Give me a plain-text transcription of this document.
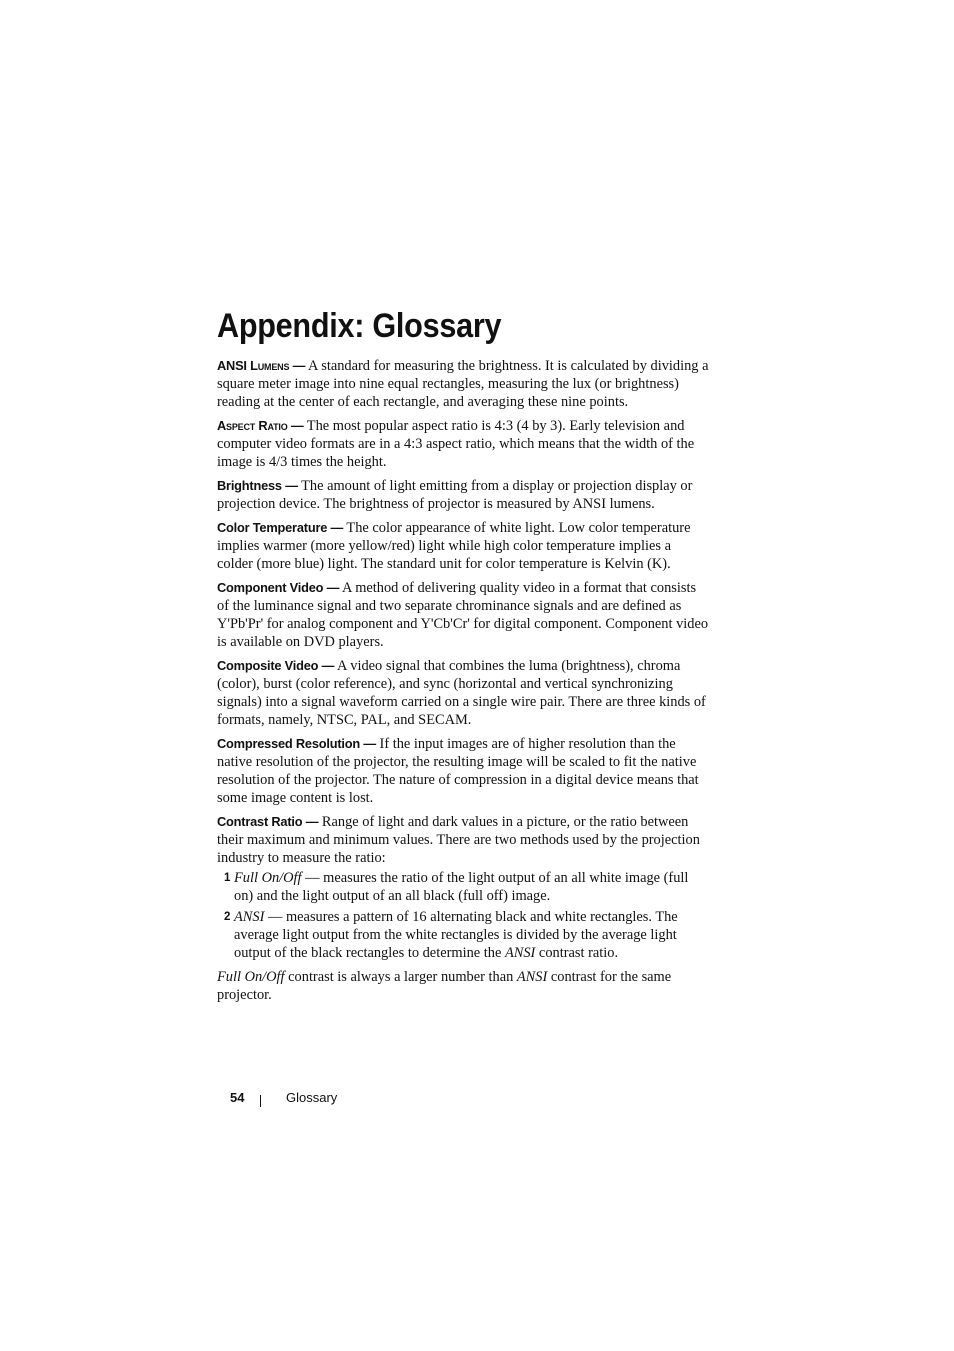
Appendix: Glossary

ANSI Lumens — A standard for measuring the brightness. It is calculated by dividing a square meter image into nine equal rectangles, measuring the lux (or brightness) reading at the center of each rectangle, and averaging these nine points.

Aspect Ratio — The most popular aspect ratio is 4:3 (4 by 3). Early television and computer video formats are in a 4:3 aspect ratio, which means that the width of the image is 4/3 times the height.

Brightness — The amount of light emitting from a display or projection display or projection device. The brightness of projector is measured by ANSI lumens.

Color Temperature — The color appearance of white light. Low color temperature implies warmer (more yellow/red) light while high color temperature implies a colder (more blue) light. The standard unit for color temperature is Kelvin (K).

Component Video — A method of delivering quality video in a format that consists of the luminance signal and two separate chrominance signals and are defined as Y'Pb'Pr' for analog component and Y'Cb'Cr' for digital component. Component video is available on DVD players.

Composite Video — A video signal that combines the luma (brightness), chroma (color), burst (color reference), and sync (horizontal and vertical synchronizing signals) into a signal waveform carried on a single wire pair. There are three kinds of formats, namely, NTSC, PAL, and SECAM.

Compressed Resolution — If the input images are of higher resolution than the native resolution of the projector, the resulting image will be scaled to fit the native resolution of the projector. The nature of compression in a digital device means that some image content is lost.

Contrast Ratio — Range of light and dark values in a picture, or the ratio between their maximum and minimum values. There are two methods used by the projection industry to measure the ratio:

1 Full On/Off — measures the ratio of the light output of an all white image (full on) and the light output of an all black (full off) image.
2 ANSI — measures a pattern of 16 alternating black and white rectangles. The average light output from the white rectangles is divided by the average light output of the black rectangles to determine the ANSI contrast ratio.

Full On/Off contrast is always a larger number than ANSI contrast for the same projector.

54	Glossary
